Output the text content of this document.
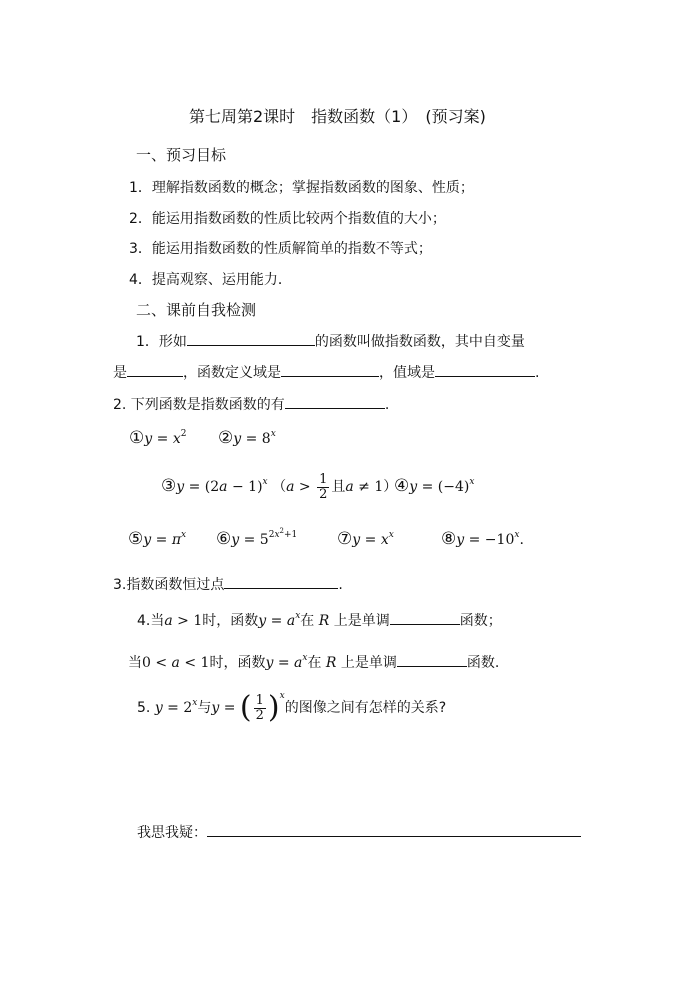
第七周第2课时　指数函数（1）　(预习案)
一、预习目标
1．理解指数函数的概念；掌握指数函数的图象、性质；
2．能运用指数函数的性质比较两个指数值的大小；
3．能运用指数函数的性质解简单的指数不等式；
4．提高观察、运用能力．
二、课前自我检测
1．形如	的函数叫做指数函数，其中自变量
是	，函数定义域是	，值域是	.
2. 下列函数是指数函数的有	.
①y = $x^2$ ②y = $8^x$
③y = $(2a - 1)^x$ （$a > \frac{1}{2}$ 且a ≠ 1）
④y = $(-4)^x$
⑤y = $\pi^x$ ⑥y = $5^{2x^2+1}$ ⑦y = $x^x$	⑧y = $-10^x$.
3.指数函数恒过点	.
4.当a > 1时，函数$y = a^x$在 R 上是单调	函数；
当0 < a < 1时，函数$y = a^x$在 R 上是单调	函数.
5. $y = 2^x$与y = ( $\frac{1}{2} )^x$的图像之间有怎样的关系?
我思我疑：
